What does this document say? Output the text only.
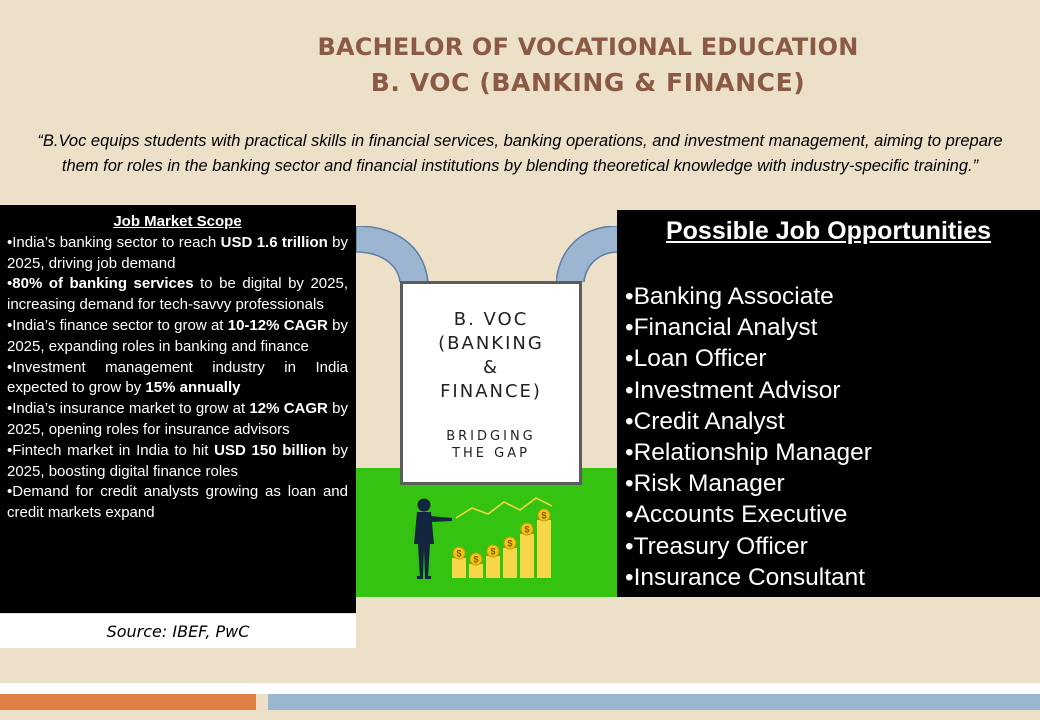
BACHELOR OF VOCATIONAL EDUCATION
B. VOC (BANKING & FINANCE)
“B.Voc equips students with practical skills in financial services, banking operations, and investment management, aiming to prepare
them for roles in the banking sector and financial institutions by blending theoretical knowledge with industry-specific training.”
$
$
$
$
$
$
B. VOC
(BANKING
&
FINANCE)
BRIDGING
THE GAP
Job Market Scope
•India’s banking sector to reach USD 1.6 trillion by 2025, driving job demand
•80% of banking services to be digital by 2025, increasing demand for tech-savvy professionals
•India’s finance sector to grow at 10-12% CAGR by 2025, expanding roles in banking and finance
•Investment management industry in India expected to grow by 15% annually
•India’s insurance market to grow at 12% CAGR by 2025, opening roles for insurance advisors
•Fintech market in India to hit USD 150 billion by 2025, boosting digital finance roles
•Demand for credit analysts growing as loan and credit markets expand
Source: IBEF, PwC
Possible Job Opportunities
•Banking Associate
•Financial Analyst
•Loan Officer
•Investment Advisor
•Credit Analyst
•Relationship Manager
•Risk Manager
•Accounts Executive
•Treasury Officer
•Insurance Consultant
